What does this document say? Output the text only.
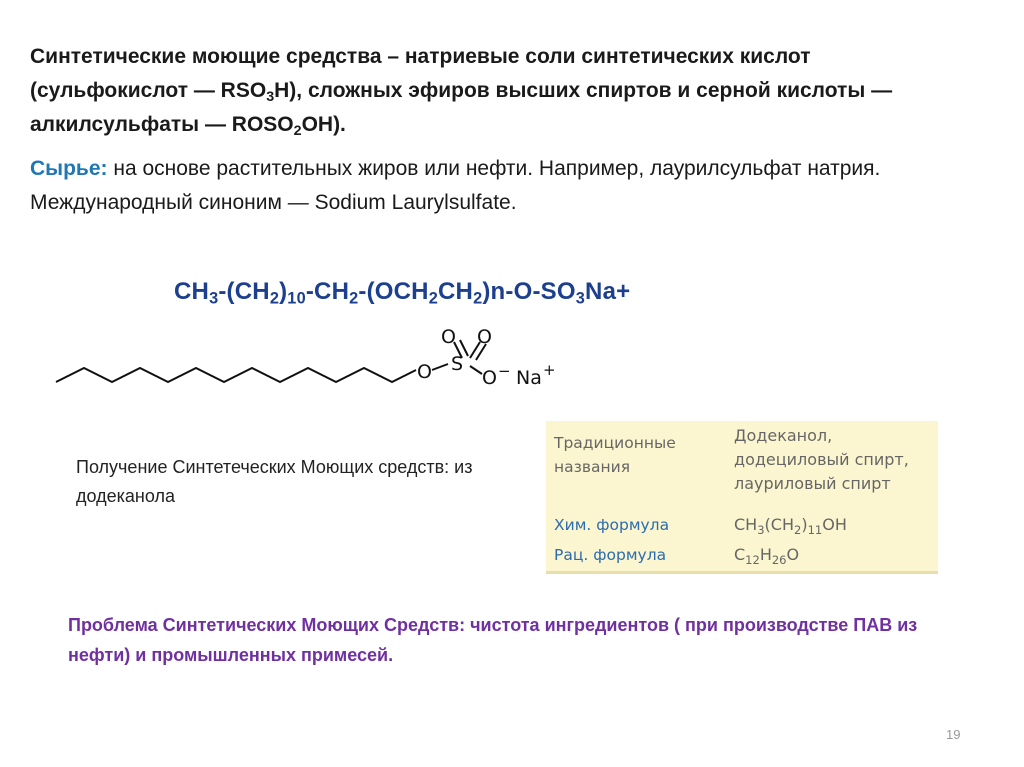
Синтетические моющие средства – натриевые соли синтетических кислот (сульфокислот — $RSO_3H$), сложных эфиров высших спиртов и серной кислоты — алкилсульфаты — $ROSO_2OH$).

Сырье: на основе растительных жиров или нефти. Например, лаурилсульфат натрия. Международный синоним — Sodium Laurylsulfate.

$CH_3-(CH_2)_{10}-CH_2-(OCH_2CH_2)n-O-SO_3Na+$
O S
O O
O − Na +

Получение Синтетеческих Моющих средств: из додеканола

Традиционные названия
Додеканол, додециловый спирт, лауриловый спирт
Хим. формула	$CH_3(CH_2)_{11}OH$
Рац. формула	$C_{12}H_{26}O$

Проблема Синтетических Моющих Средств: чистота ингредиентов ( при производстве ПАВ из нефти) и промышленных примесей.

19
